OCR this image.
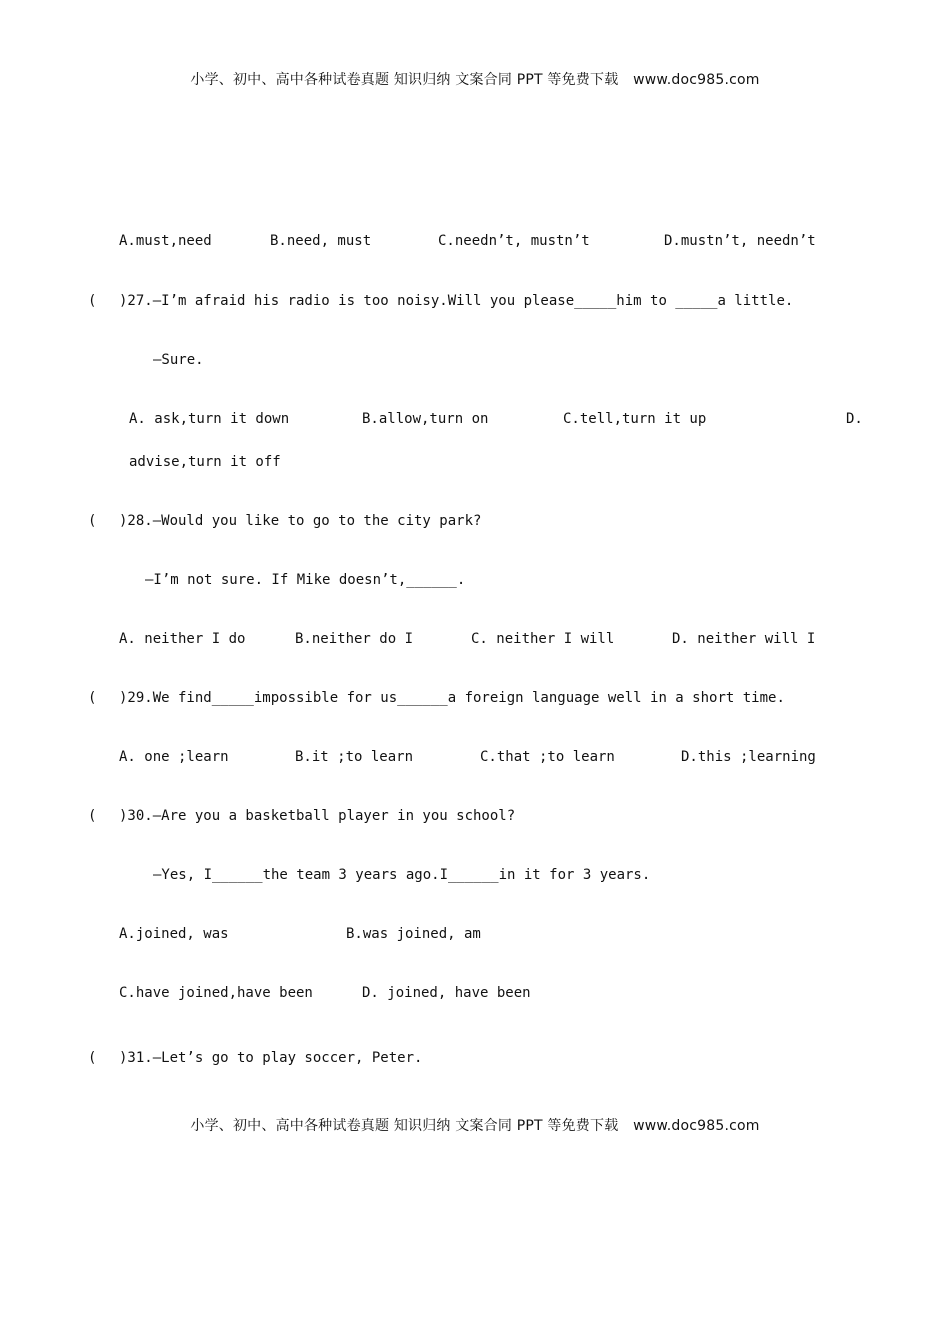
小学、初中、高中各种试卷真题 知识归纳 文案合同 PPT 等免费下载 www.doc985.com
A.must,need	B.need, must	C.needn’t, mustn’t	D.mustn’t, needn’t
( )27.—I’m afraid his radio is too noisy.Will you please_____him to _____a little.
—Sure.
A. ask,turn it down	B.allow,turn on	C.tell,turn it up	D.
advise,turn it off
( )28.—Would you like to go to the city park?
—I’m not sure. If Mike doesn’t,______.
A. neither I do	B.neither do I	C. neither I will	D. neither will I
( )29.We find_____impossible for us______a foreign language well in a short time.
A. one ;learn	B.it ;to learn	C.that ;to learn	D.this ;learning
( )30.—Are you a basketball player in you school?
—Yes, I______the team 3 years ago.I______in it for 3 years.
A.joined, was	B.was joined, am
C.have joined,have been	D. joined, have been
( )31.—Let’s go to play soccer, Peter.
小学、初中、高中各种试卷真题 知识归纳 文案合同 PPT 等免费下载 www.doc985.com
